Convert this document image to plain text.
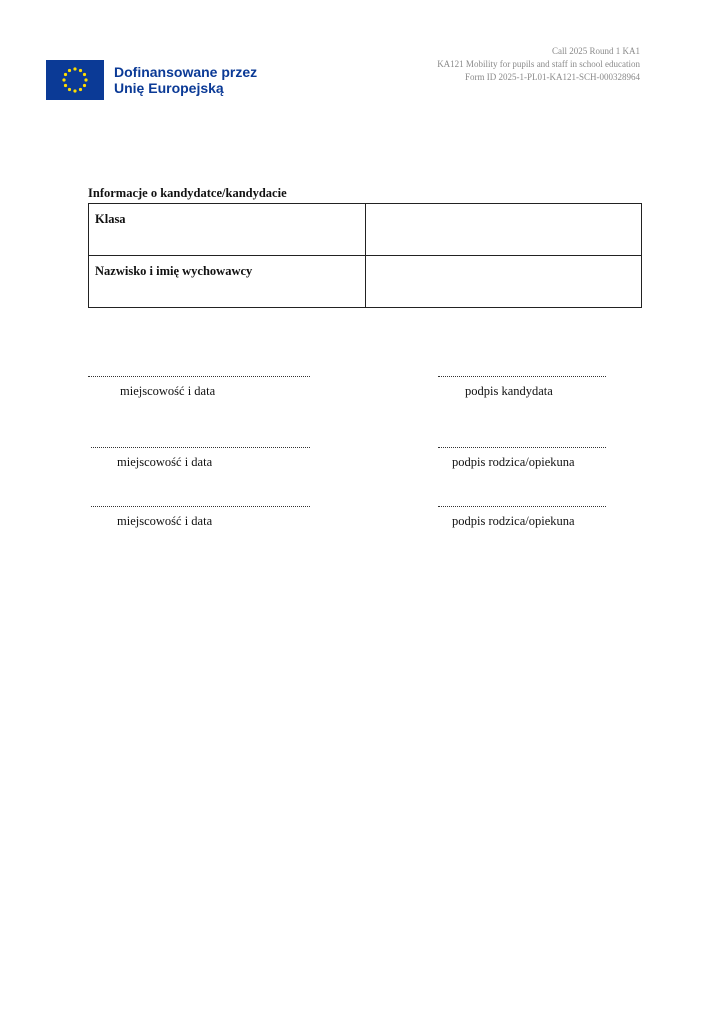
Dofinansowane przez
Unię Europejską
Call 2025 Round 1 KA1
KA121 Mobility for pupils and staff in school education
Form ID 2025-1-PL01-KA121-SCH-000328964
Informacje o kandydatce/kandydacie
Klasa	
Nazwisko i imię wychowawcy	
miejscowość i data	podpis kandydata
miejscowość i data	podpis rodzica/opiekuna
miejscowość i data	podpis rodzica/opiekuna
